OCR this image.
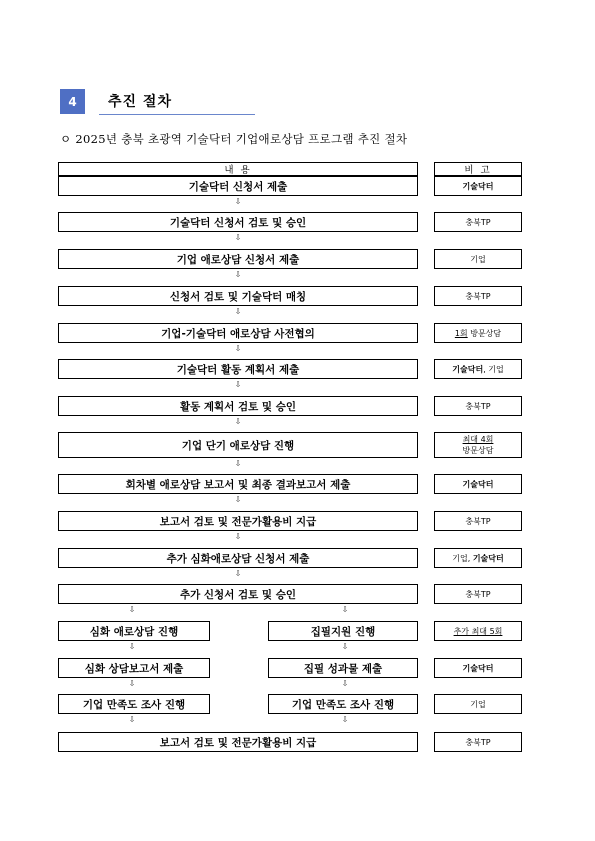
4	추진 절차
ㅇ 2025년 충북 초광역 기술닥터 기업애로상담 프로그램 추진 절차
내 용	비 고
기술닥터 신청서 제출	기술닥터
⇩
기술닥터 신청서 검토 및 승인	충북TP
⇩
기업 애로상담 신청서 제출	기업
⇩
신청서 검토 및 기술닥터 매칭	충북TP
⇩
기업-기술닥터 애로상담 사전협의	1회 방문상담
⇩
기술닥터 활동 계획서 제출	기술닥터, 기업
⇩
활동 계획서 검토 및 승인	충북TP
⇩
기업 단기 애로상담 진행	최대 4회
방문상담
⇩
회차별 애로상담 보고서 및 최종 결과보고서 제출	기술닥터
⇩
보고서 검토 및 전문가활용비 지급	충북TP
⇩
추가 심화애로상담 신청서 제출	기업, 기술닥터
⇩
추가 신청서 검토 및 승인	충북TP
⇩	⇩
심화 애로상담 진행	집필지원 진행	추가 최대 5회
⇩	⇩
심화 상담보고서 제출	집필 성과물 제출	기술닥터
⇩	⇩
기업 만족도 조사 진행	기업 만족도 조사 진행	기업
⇩	⇩
보고서 검토 및 전문가활용비 지급	충북TP
